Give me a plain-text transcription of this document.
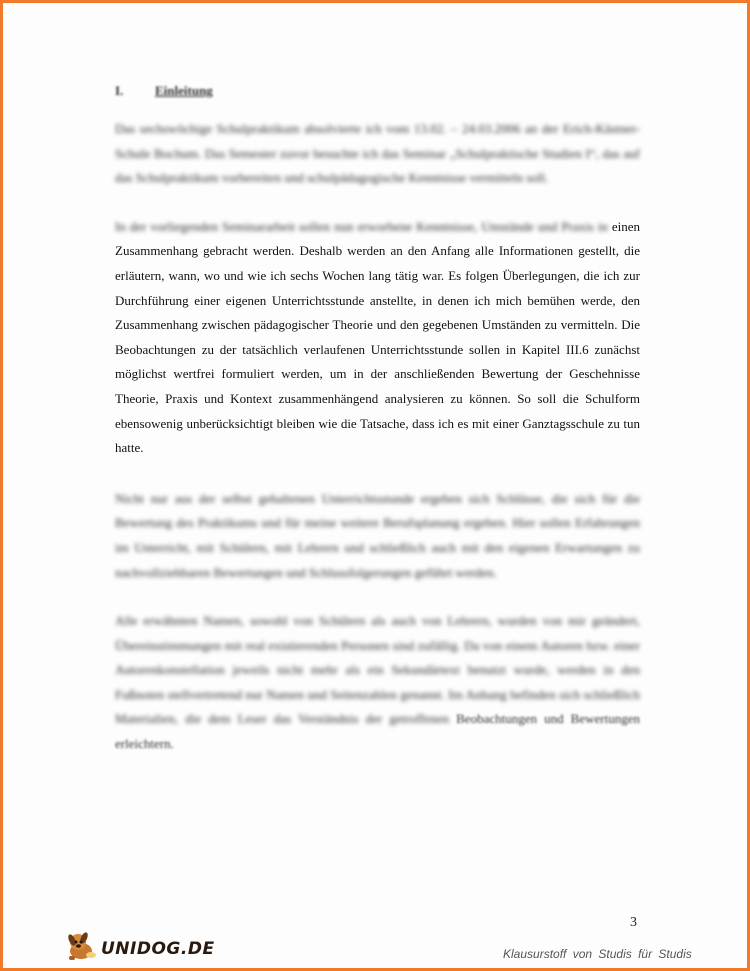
I. Einleitung

Das sechswöchige Schulpraktikum absolvierte ich vom 13.02. – 24.03.2006 an der Erich-Kästner-Schule Bochum. Das Semester zuvor besuchte ich das Seminar „Schulpraktische Studien I“, das auf das Schulpraktikum vorbereiten und schulpädagogische Kenntnisse vermitteln soll.

In der vorliegenden Seminararbeit sollen nun erworbene Kenntnisse, Umstände und Praxis in einen Zusammenhang gebracht werden. Deshalb werden an den Anfang alle Informationen gestellt, die erläutern, wann, wo und wie ich sechs Wochen lang tätig war. Es folgen Überlegungen, die ich zur Durchführung einer eigenen Unterrichtsstunde anstellte, in denen ich mich bemühen werde, den Zusammenhang zwischen pädagogischer Theorie und den gegebenen Umständen zu vermitteln. Die Beobachtungen zu der tatsächlich verlaufenen Unterrichtsstunde sollen in Kapitel III.6 zunächst möglichst wertfrei formuliert werden, um in der anschließenden Bewertung der Geschehnisse Theorie, Praxis und Kontext zusammenhängend analysieren zu können. So soll die Schulform ebensowenig unberücksichtigt bleiben wie die Tatsache, dass ich es mit einer Ganztagsschule zu tun hatte.

Nicht nur aus der selbst gehaltenen Unterrichtsstunde ergeben sich Schlüsse, die sich für die Bewertung des Praktikums und für meine weitere Berufsplanung ergeben. Hier sollen Erfahrungen im Unterricht, mit Schülern, mit Lehrern und schließlich auch mit den eigenen Erwartungen zu nachvollziehbaren Bewertungen und Schlussfolgerungen geführt werden.

Alle erwähnten Namen, sowohl von Schülern als auch von Lehrern, wurden von mir geändert, Übereinstimmungen mit real existierenden Personen sind zufällig. Da von einem Autoren bzw. einer Autorenkonstellation jeweils nicht mehr als ein Sekundärtext benutzt wurde, werden in den Fußnoten stellvertretend nur Namen und Seitenzahlen genannt. Im Anhang befinden sich schließlich Materialien, die dem Leser das Verständnis der getroffenen Beobachtungen und Bewertungen erleichtern.

3
UNIDOG.DE	Klausurstoff von Studis für Studis
